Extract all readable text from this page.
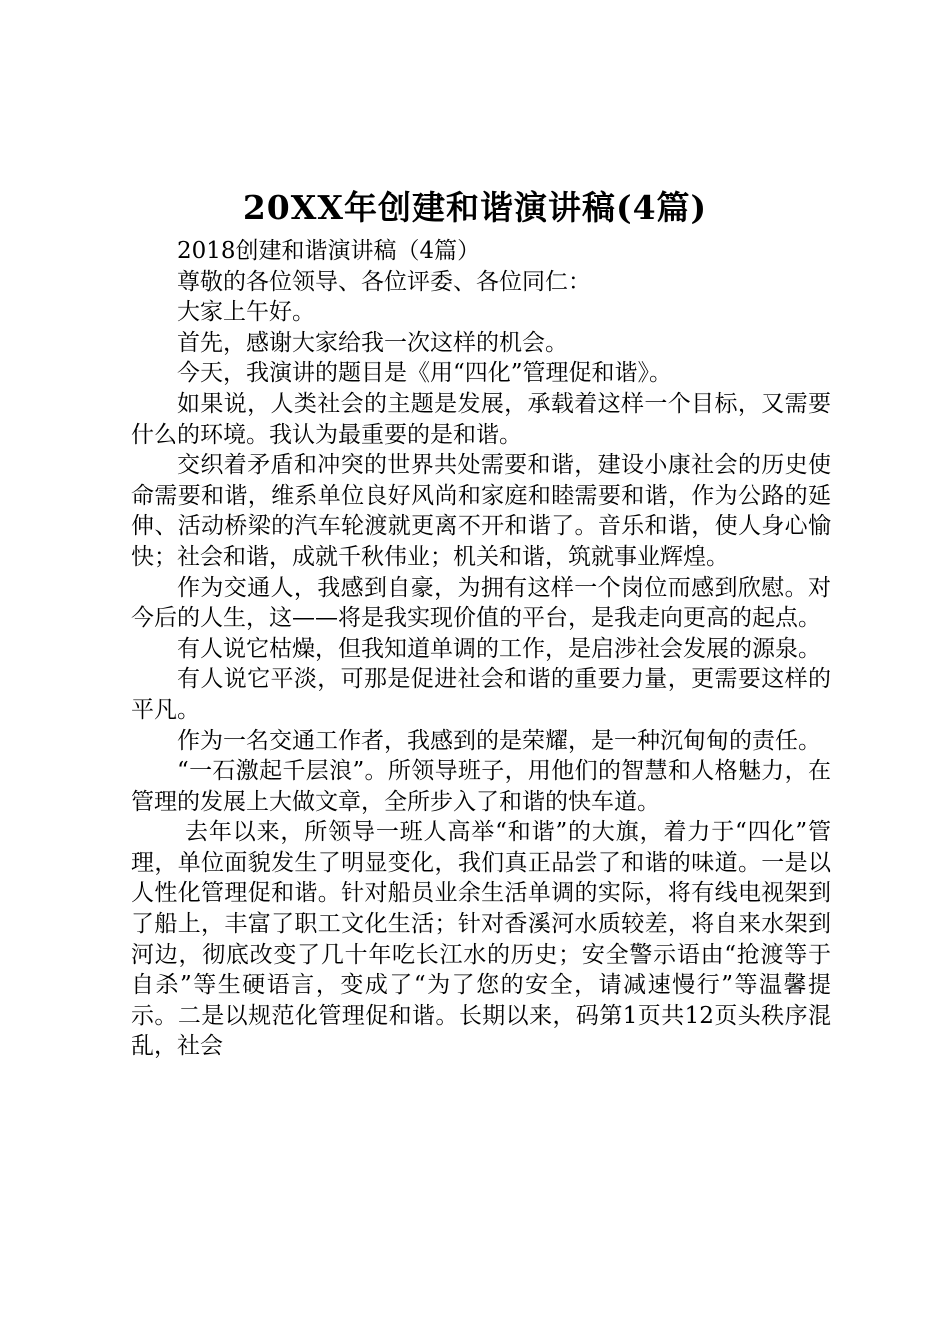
20XX年创建和谐演讲稿(4篇)

2018创建和谐演讲稿（4篇）

尊敬的各位领导、各位评委、各位同仁：

大家上午好。

首先，感谢大家给我一次这样的机会。

今天，我演讲的题目是《用“四化”管理促和谐》。

如果说，人类社会的主题是发展，承载着这样一个目标，又需要什么的环境。我认为最重要的是和谐。

交织着矛盾和冲突的世界共处需要和谐，建设小康社会的历史使命需要和谐，维系单位良好风尚和家庭和睦需要和谐，作为公路的延伸、活动桥梁的汽车轮渡就更离不开和谐了。音乐和谐，使人身心愉快；社会和谐，成就千秋伟业；机关和谐，筑就事业辉煌。

作为交通人，我感到自豪，为拥有这样一个岗位而感到欣慰。对今后的人生，这——将是我实现价值的平台，是我走向更高的起点。

有人说它枯燥，但我知道单调的工作，是启涉社会发展的源泉。

有人说它平淡，可那是促进社会和谐的重要力量，更需要这样的平凡。

作为一名交通工作者，我感到的是荣耀，是一种沉甸甸的责任。

“一石激起千层浪”。所领导班子，用他们的智慧和人格魅力，在管理的发展上大做文章，全所步入了和谐的快车道。

去年以来，所领导一班人高举“和谐”的大旗，着力于“四化”管理，单位面貌发生了明显变化，我们真正品尝了和谐的味道。一是以人性化管理促和谐。针对船员业余生活单调的实际，将有线电视架到了船上，丰富了职工文化生活；针对香溪河水质较差，将自来水架到河边，彻底改变了几十年吃长江水的历史；安全警示语由“抢渡等于自杀”等生硬语言，变成了“为了您的安全，请减速慢行”等温馨提示。二是以规范化管理促和谐。长期以来，码第1页共12页头秩序混乱，社会
